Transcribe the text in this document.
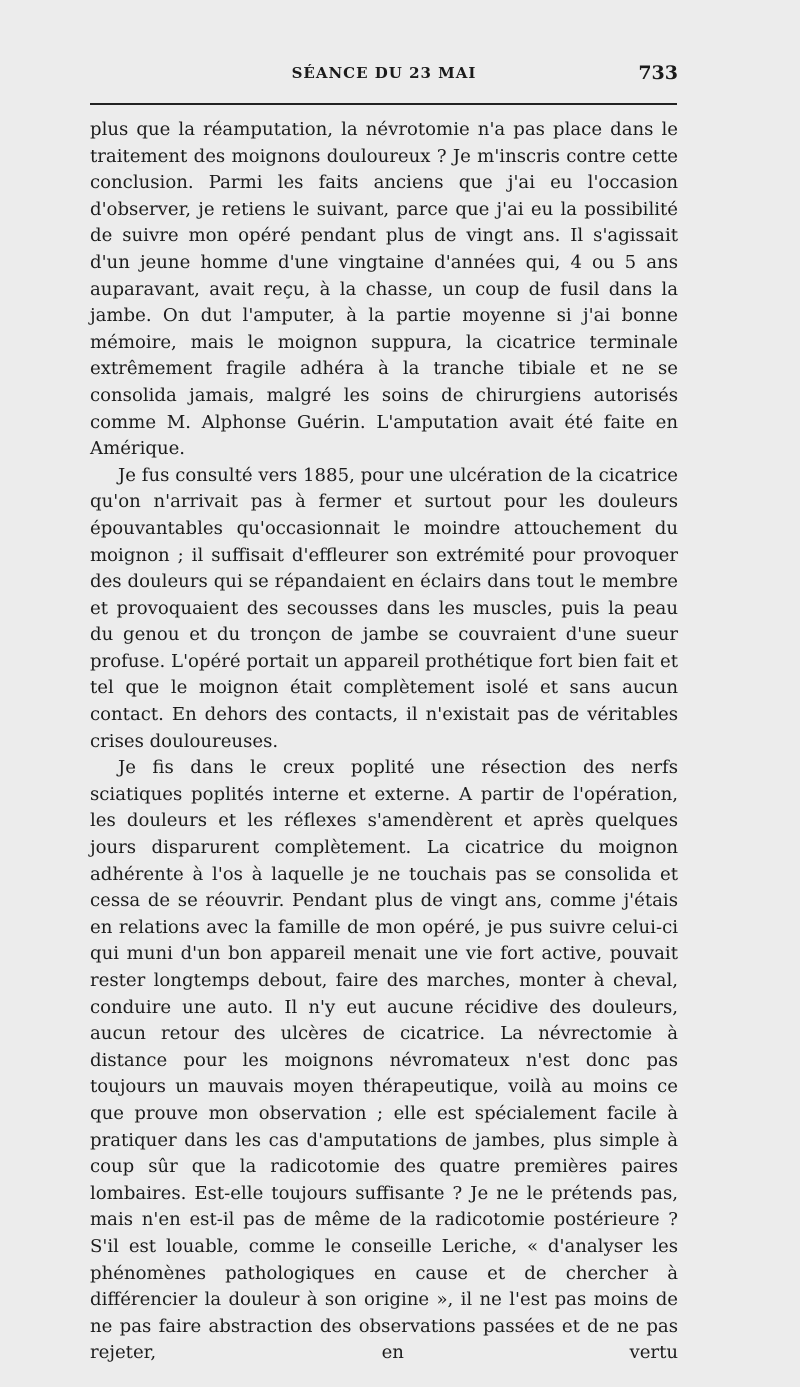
SÉANCE DU 23 MAI	733

plus que la réamputation, la névrotomie n'a pas place dans le traitement des moignons douloureux ? Je m'inscris contre cette conclusion. Parmi les faits anciens que j'ai eu l'occasion d'observer, je retiens le suivant, parce que j'ai eu la possibilité de suivre mon opéré pendant plus de vingt ans. Il s'agissait d'un jeune homme d'une vingtaine d'années qui, 4 ou 5 ans auparavant, avait reçu, à la chasse, un coup de fusil dans la jambe. On dut l'amputer, à la partie moyenne si j'ai bonne mémoire, mais le moignon suppura, la cicatrice terminale extrêmement fragile adhéra à la tranche tibiale et ne se consolida jamais, malgré les soins de chirurgiens autorisés comme M. Alphonse Guérin. L'amputation avait été faite en Amérique.

Je fus consulté vers 1885, pour une ulcération de la cicatrice qu'on n'arrivait pas à fermer et surtout pour les douleurs épouvantables qu'occasionnait le moindre attouchement du moignon ; il suffisait d'effleurer son extrémité pour provoquer des douleurs qui se répandaient en éclairs dans tout le membre et provoquaient des secousses dans les muscles, puis la peau du genou et du tronçon de jambe se couvraient d'une sueur profuse. L'opéré portait un appareil prothétique fort bien fait et tel que le moignon était complètement isolé et sans aucun contact. En dehors des contacts, il n'existait pas de véritables crises douloureuses.

Je fis dans le creux poplité une résection des nerfs sciatiques poplités interne et externe. A partir de l'opération, les douleurs et les réflexes s'amendèrent et après quelques jours disparurent complètement. La cicatrice du moignon adhérente à l'os à laquelle je ne touchais pas se consolida et cessa de se réouvrir. Pendant plus de vingt ans, comme j'étais en relations avec la famille de mon opéré, je pus suivre celui-ci qui muni d'un bon appareil menait une vie fort active, pouvait rester longtemps debout, faire des marches, monter à cheval, conduire une auto. Il n'y eut aucune récidive des douleurs, aucun retour des ulcères de cicatrice. La névrectomie à distance pour les moignons névromateux n'est donc pas toujours un mauvais moyen thérapeutique, voilà au moins ce que prouve mon observation ; elle est spécialement facile à pratiquer dans les cas d'amputations de jambes, plus simple à coup sûr que la radicotomie des quatre premières paires lombaires. Est-elle toujours suffisante ? Je ne le prétends pas, mais n'en est-il pas de même de la radicotomie postérieure ? S'il est louable, comme le conseille Leriche, « d'analyser les phénomènes pathologiques en cause et de chercher à différencier la douleur à son origine », il ne l'est pas moins de ne pas faire abstraction des observations passées et de ne pas rejeter, en vertu
